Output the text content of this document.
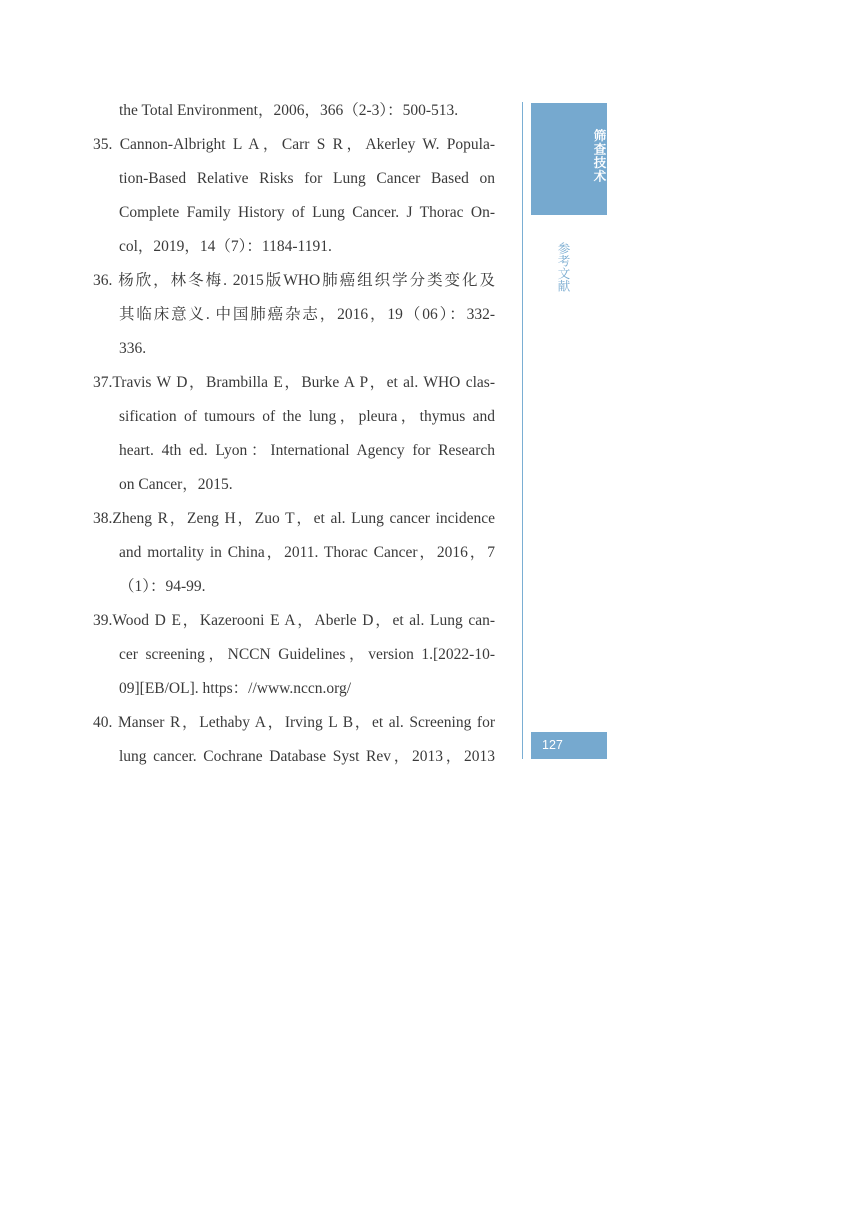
the Total Environment，2006，366（2-3）：500-513.
35. Cannon-Albright L A，Carr S R，Akerley W. Popula-
tion-Based Relative Risks for Lung Cancer Based on
Complete Family History of Lung Cancer. J Thorac On-
col，2019，14（7）：1184-1191.
36. 杨欣，林冬梅. 2015版WHO肺癌组织学分类变化及
其临床意义. 中国肺癌杂志，2016，19（06）：332-
336.
37.Travis W D，Brambilla E，Burke A P，et al. WHO clas-
sification of tumours of the lung，pleura，thymus and
heart. 4th ed. Lyon：International Agency for Research
on Cancer，2015.
38.Zheng R，Zeng H，Zuo T，et al. Lung cancer incidence
and mortality in China，2011. Thorac Cancer，2016，7
（1）：94-99.
39.Wood D E，Kazerooni E A，Aberle D，et al. Lung can-
cer screening，NCCN Guidelines，version 1.[2022-10-
09][EB/OL]. https：//www.nccn.org/
40. Manser R，Lethaby A，Irving L B，et al. Screening for
lung cancer. Cochrane Database Syst Rev，2013，2013
筛查技术
参考文献
127
